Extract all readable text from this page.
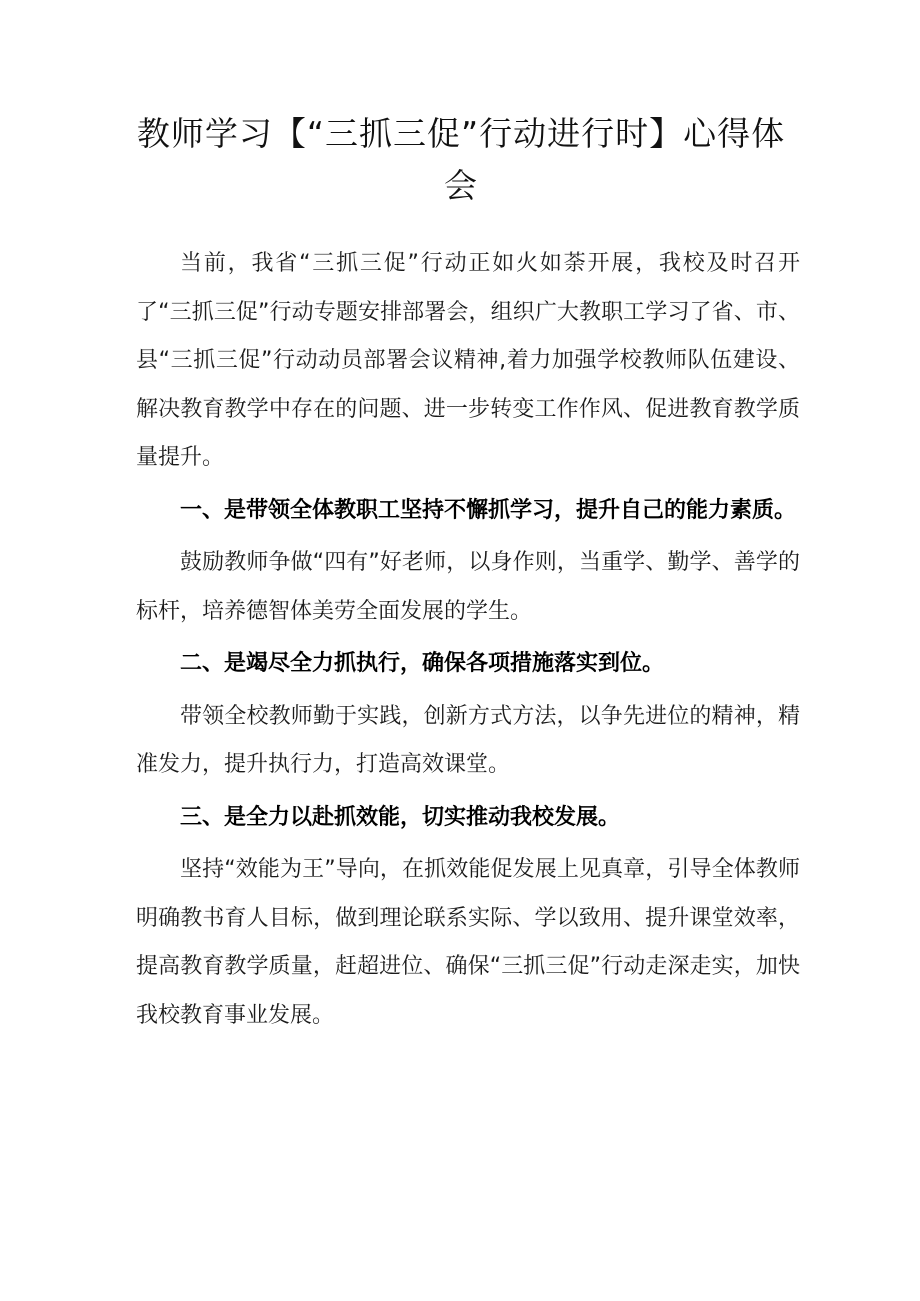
教师学习【“三抓三促”行动进行时】心得体会

当前，我省“三抓三促”行动正如火如荼开展，我校及时召开了“三抓三促”行动专题安排部署会，组织广大教职工学习了省、市、县“三抓三促”行动动员部署会议精神,着力加强学校教师队伍建设、解决教育教学中存在的问题、进一步转变工作作风、促进教育教学质量提升。

一、是带领全体教职工坚持不懈抓学习，提升自己的能力素质。

鼓励教师争做“四有”好老师，以身作则，当重学、勤学、善学的标杆，培养德智体美劳全面发展的学生。

二、是竭尽全力抓执行，确保各项措施落实到位。

带领全校教师勤于实践，创新方式方法，以争先进位的精神，精准发力，提升执行力，打造高效课堂。

三、是全力以赴抓效能，切实推动我校发展。

坚持“效能为王”导向，在抓效能促发展上见真章，引导全体教师明确教书育人目标，做到理论联系实际、学以致用、提升课堂效率，提高教育教学质量，赶超进位、确保“三抓三促”行动走深走实，加快我校教育事业发展。
